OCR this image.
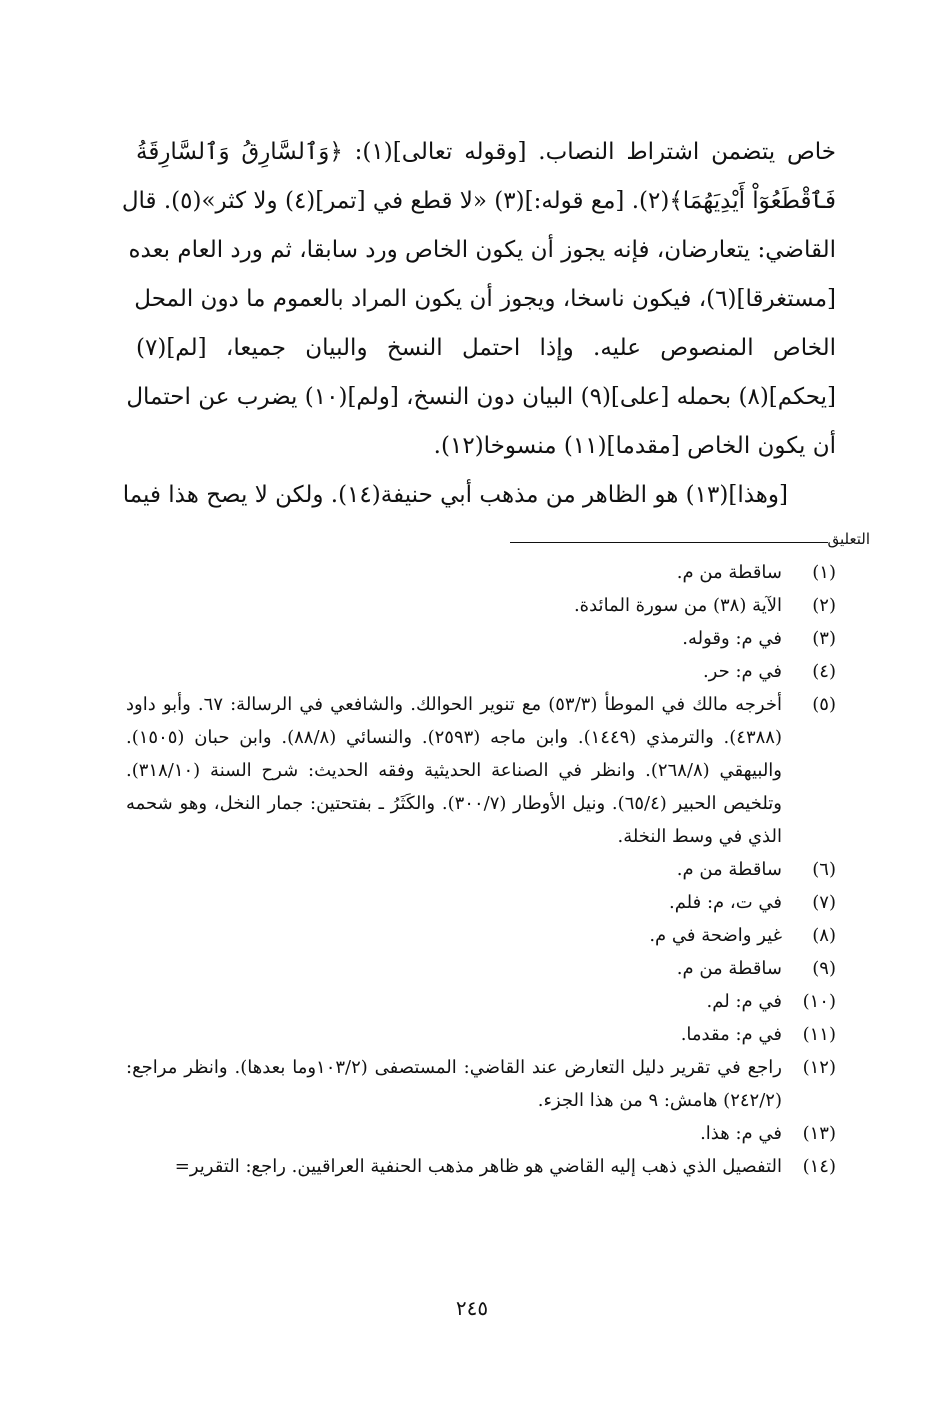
خاص يتضمن اشتراط النصاب. [وقوله تعالى](١): ﴿وَٱلسَّارِقُ وَٱلسَّارِقَةُ
فَٱقْطَعُوٓاْ أَيْدِيَهُمَا﴾(٢). [مع قوله:](٣) «لا قطع في [تمر](٤) ولا كثر»(٥). قال
القاضي: يتعارضان، فإنه يجوز أن يكون الخاص ورد سابقا، ثم ورد العام بعده
[مستغرقا](٦)، فيكون ناسخا، ويجوز أن يكون المراد بالعموم ما دون المحل
الخاص المنصوص عليه. وإذا احتمل النسخ والبيان جميعا، [لم](٧)
[يحكم](٨) بحمله [على](٩) البيان دون النسخ، [ولم](١٠) يضرب عن احتمال
أن يكون الخاص [مقدما](١١) منسوخا(١٢).
[وهذا](١٣) هو الظاهر من مذهب أبي حنيفة(١٤). ولكن لا يصح هذا فيما
التعليق
(١)
ساقطة من م.
(٢)
الآية (٣٨) من سورة المائدة.
(٣)
في م: وقوله.
(٤)
في م: حر.
(٥)
أخرجه مالك في الموطأ (٥٣/٣) مع تنوير الحوالك. والشافعي في الرسالة: ٦٧. وأبو داود (٤٣٨٨). والترمذي (١٤٤٩). وابن ماجه (٢٥٩٣). والنسائي (٨٨/٨). وابن حبان (١٥٠٥). والبيهقي (٢٦٨/٨). وانظر في الصناعة الحديثية وفقه الحديث: شرح السنة (٣١٨/١٠). وتلخيص الحبير (٦٥/٤). ونيل الأوطار (٣٠٠/٧). والكَثَرُ ـ بفتحتين: جمار النخل، وهو شحمه الذي في وسط النخلة.
(٦)
ساقطة من م.
(٧)
في ت، م: فلم.
(٨)
غير واضحة في م.
(٩)
ساقطة من م.
(١٠)
في م: لم.
(١١)
في م: مقدما.
(١٢)
راجع في تقرير دليل التعارض عند القاضي: المستصفى (١٠٣/٢وما بعدها). وانظر مراجع: (٢٤٢/٢) هامش: ٩ من هذا الجزء.
(١٣)
في م: هذا.
(١٤)
التفصيل الذي ذهب إليه القاضي هو ظاهر مذهب الحنفية العراقيين. راجع: التقرير=
٢٤٥
